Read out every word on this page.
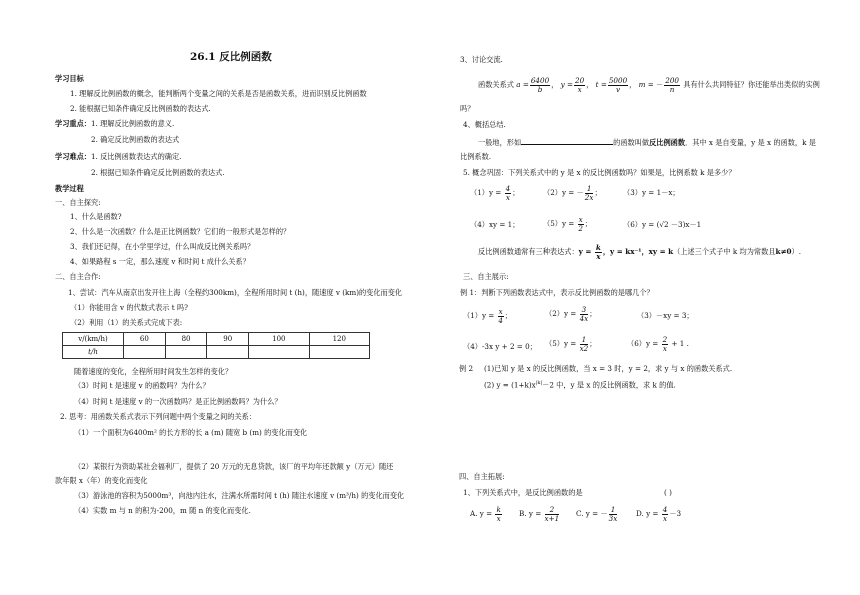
26.1 反比例函数
学习目标
1. 理解反比例函数的概念，能判断两个变量之间的关系是否是函数关系，进而识别反比例函数
2. 能根据已知条件确定反比例函数的表达式.
学习重点：1. 理解反比例函数的意义.
2. 确定反比例函数的表达式
学习难点：1. 反比例函数表达式的确定.
2. 根据已知条件确定反比例函数的表达式.
教学过程
一、自主探究:
1、什么是函数?
2、什么是一次函数？什么是正比例函数？它们的一般形式是怎样的？
3、我们还记得，在小学里学过，什么叫成反比例关系吗？
4、如果路程 s 一定，那么速度 v 和时间 t 成什么关系？
二、自主合作:
1、尝试：汽车从南京出发开往上海（全程约300km)，全程所用时间 t (h)，随速度 v (km)的变化而变化
（1）你能用含 v 的代数式表示 t 吗?
（2）利用（1）的关系式完成下表:
v/(km/h)	60	80	90	100	120
t/h					
随着速度的变化，全程所用时间发生怎样的变化？
（3）时间 t 是速度 v 的函数吗？为什么？
（4）时间 t 是速度 v 的一次函数吗？是正比例函数吗？为什么？
2. 思考：用函数关系式表示下列问题中两个变量之间的关系：
（1）一个面积为6400m² 的长方形的长 a (m) 随宽 b (m) 的变化而变化
（2）某银行为资助某社会福利厂，提供了 20 万元的无息贷款，该厂的平均年还款额 y（万元）随还
款年限 x（年）的变化而变化
（3）游泳池的容积为5000m³，向池内注水，注满水所需时间 t (h) 随注水速度 v (m³/h) 的变化而变化
（4）实数 m 与 n 的积为-200，m 随 n 的变化而变化.
3、讨论交流.
函数关系式 $a = \frac{6400}{b}$ ， $y = \frac{20}{x}$ ， $t = \frac{5000}{v}$ ， m = － $\frac{200}{n}$ 具有什么共同特征？你还能举出类似的实例
吗？
4、概括总结.
一般地，形如	的函数叫做反比例函数．其中 x 是自变量，y 是 x 的函数，k 是
比例系数.
5. 概念巩固：下列关系式中的 y 是 x 的反比例函数吗？如果是，比例系数 k 是多少？
$(1)y = \frac{4}{x}$ ；	（2）y = － $\frac{1}{2x}$ ；	（3）y = 1－x；
（4）xy = 1；	$(5)y = \frac{x}{2}$ ；	（6）y = (√2 －3)x－1
反比例函数通常有三种表达式：$y = \frac{k}{x}$ ，y = kx⁻¹，xy = k（上述三个式子中 k 均为常数且k≠0）.
三、自主展示:
例 1：判断下列函数表达式中，表示反比例函数的是哪几个？
$(1)y = \frac{x}{4}$ ；	$(2)y = \frac{3}{4x}$ ；	（3）－xy = 3；
（4）-3x y + 2 = 0； $(5)y = \frac{1}{x2}$ ；	$(6)y = \frac{2}{x} + 1$ .
例 2 (1)已知 y 是 x 的反比例函数，当 x = 3 时，y = 2，求 y 与 x 的函数关系式.
(2) $y = (1+k)x^{|k|}-2$ 中，y 是 x 的反比例函数，求 k 的值.
四、自主拓展:
1、下列关系式中，是反比例函数的是	( )
A. $y = \frac{k}{x} B$. $y = \frac{2}{x+1} C$. y = － $\frac{1}{3x}$	D. $y = \frac{4}{x} -3$
